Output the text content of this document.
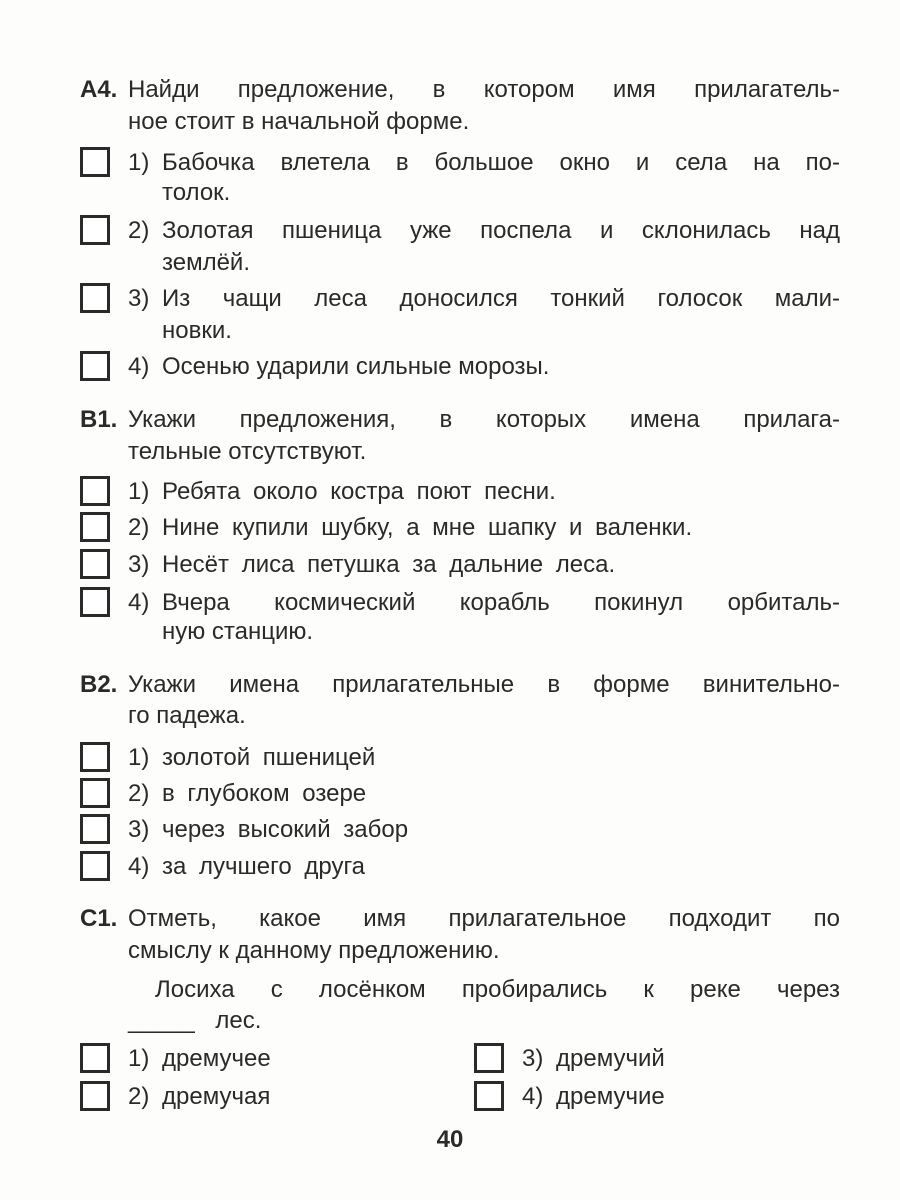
А4. Найди предложение, в котором имя прилагатель-
ное стоит в начальной форме.
1) Бабочка влетела в большое окно и села на по-
толок.
2) Золотая пшеница уже поспела и склонилась над
землёй.
3) Из чащи леса доносился тонкий голосок мали-
новки.
4) Осенью ударили сильные морозы.
В1. Укажи предложения, в которых имена прилага-
тельные отсутствуют.
1) Ребята около костра поют песни.
2) Нине купили шубку, а мне шапку и валенки.
3) Несёт лиса петушка за дальние леса.
4) Вчера космический корабль покинул орбиталь-
ную станцию.
В2. Укажи имена прилагательные в форме винительно-
го падежа.
1) золотой пшеницей
2) в глубоком озере
3) через высокий забор
4) за лучшего друга
С1. Отметь, какое имя прилагательное подходит по
смыслу к данному предложению.
Лосиха с лосёнком пробирались к реке через
_____ лес.
1) дремучее
2) дремучая
3) дремучий
4) дремучие
40
